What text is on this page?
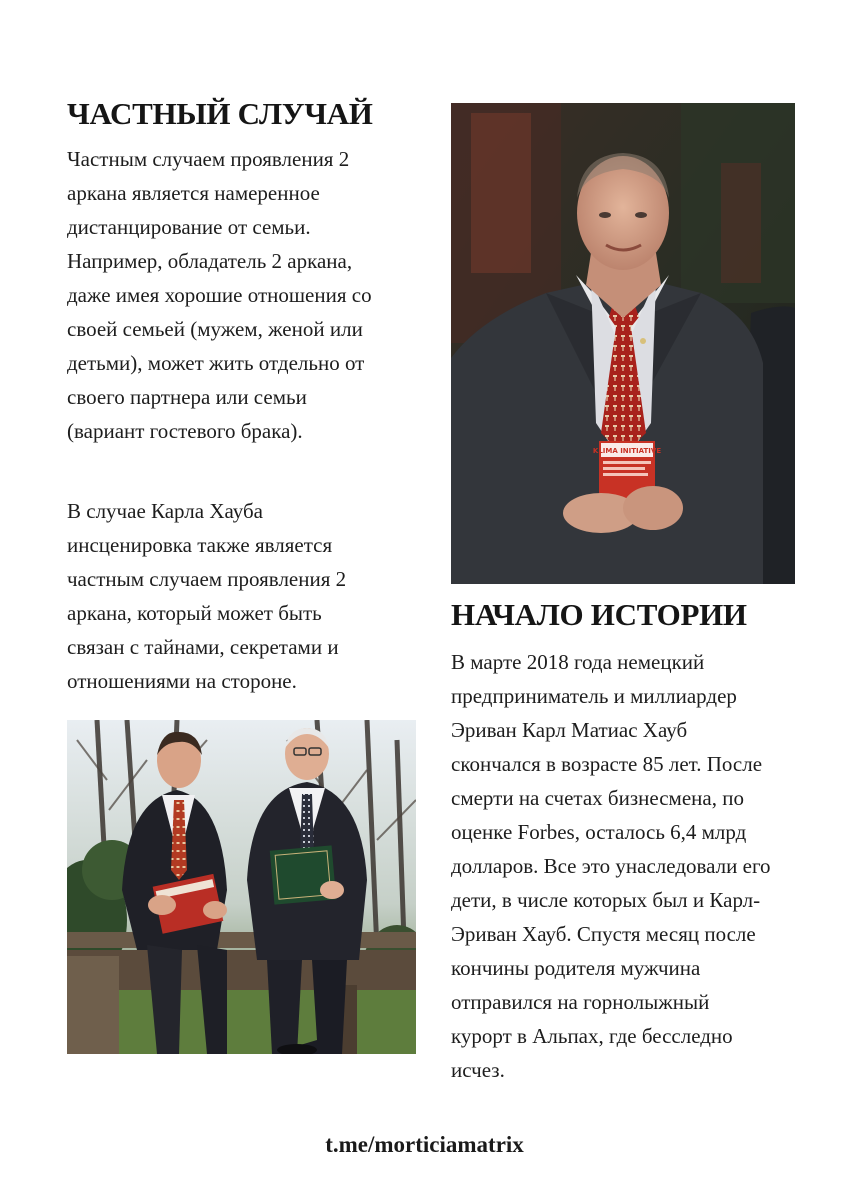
ЧАСТНЫЙ СЛУЧАЙ

Частным случаем проявления 2
аркана является намеренное
дистанцирование от семьи.
Например, обладатель 2 аркана,
даже имея хорошие отношения со
своей семьей (мужем, женой или
детьми), может жить отдельно от
своего партнера или семьи
(вариант гостевого брака).

В случае Карла Хауба
инсценировка также является
частным случаем проявления 2
аркана, который может быть
связан с тайнами, секретами и
отношениями на стороне.

KLIMA INITIATIVE
НАЧАЛО ИСТОРИИ

В марте 2018 года немецкий
предприниматель и миллиардер
Эриван Карл Матиас Хауб
скончался в возрасте 85 лет. После
смерти на счетах бизнесмена, по
оценке Forbes, осталось 6,4 млрд
долларов. Все это унаследовали его
дети, в числе которых был и Карл-
Эриван Хауб. Спустя месяц после
кончины родителя мужчина
отправился на горнолыжный
курорт в Альпах, где бесследно
исчез.

t.me/morticiamatrix
